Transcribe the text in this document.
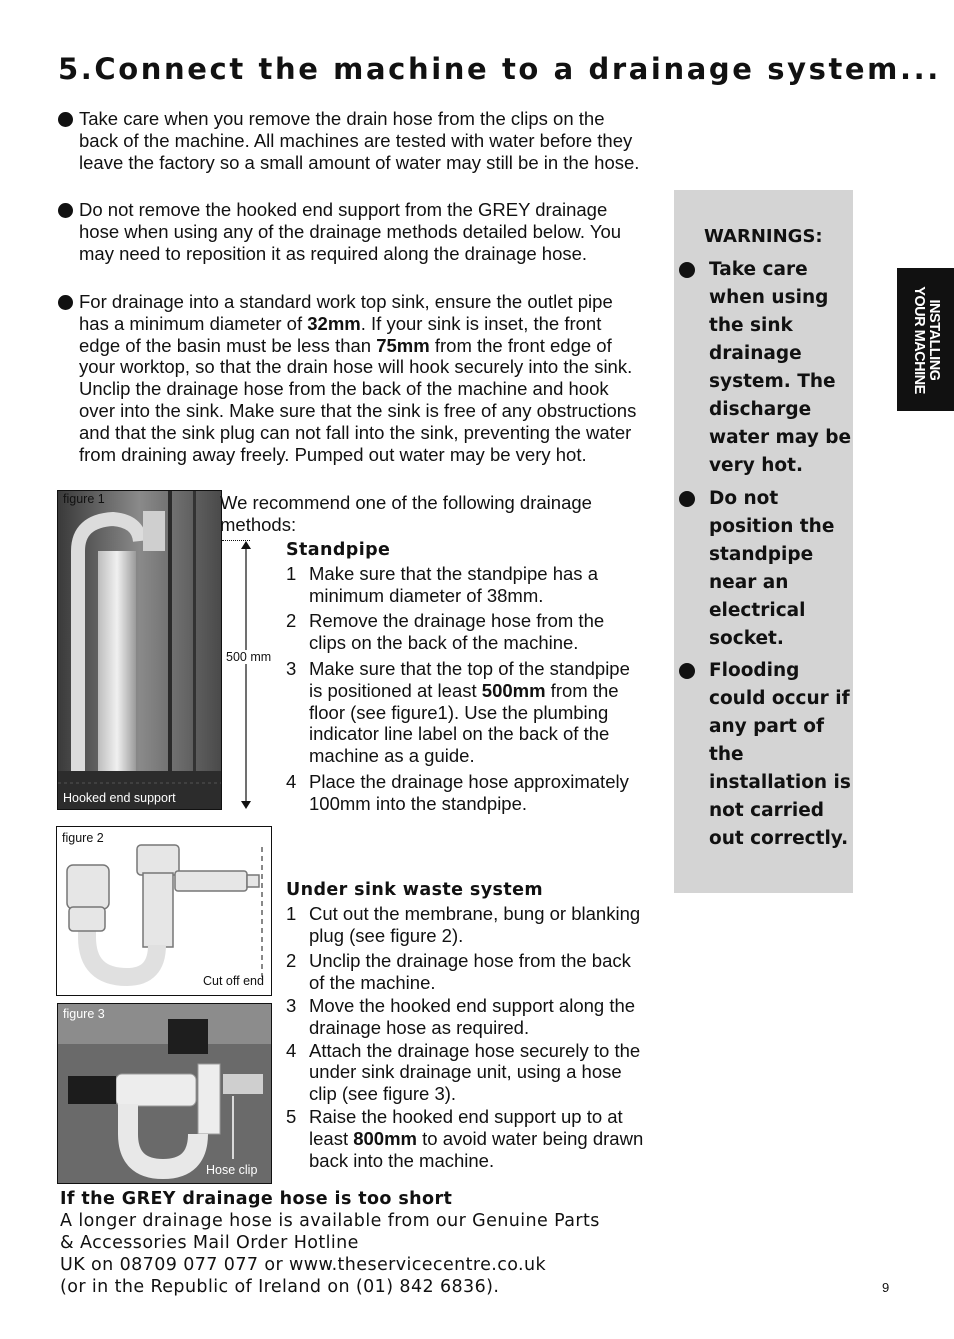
5.Connect the machine to a drainage system...
Take care when you remove the drain hose from the clips on the back of the machine. All machines are tested with water before they leave the factory so a small amount of water may still be in the hose.
Do not remove the hooked end support from the GREY drainage hose when using any of the drainage methods detailed below. You may need to reposition it as required along the drainage hose.
For drainage into a standard work top sink, ensure the outlet pipe has a minimum diameter of 32mm. If your sink is inset, the front edge of the basin must be less than 75mm from the front edge of your worktop, so that the drain hose will hook securely into the sink. Unclip the drainage hose from the back of the machine and hook over into the sink. Make sure that the sink is free of any obstructions and that the sink plug can not fall into the sink, preventing the water from draining away freely. Pumped out water may be very hot.
figure 1
Hooked end support
500 mm
We recommend one of the following drainage methods:
Standpipe
1 Make sure that the standpipe has a minimum diameter of 38mm.
2 Remove the drainage hose from the clips on the back of the machine.
3 Make sure that the top of the standpipe is positioned at least 500mm from the floor (see figure1). Use the plumbing indicator line label on the back of the machine as a guide.
4 Place the drainage hose approximately 100mm into the standpipe.
figure 2
Cut off end
figure 3
Hose clip
Under sink waste system
1 Cut out the membrane, bung or blanking plug (see figure 2).
2 Unclip the drainage hose from the back of the machine.
3 Move the hooked end support along the drainage hose as required.
4 Attach the drainage hose securely to the under sink drainage unit, using a hose clip (see figure 3).
5 Raise the hooked end support up to at least 800mm to avoid water being drawn back into the machine.
WARNINGS:
Take care when using the sink drainage system. The discharge water may be very hot.
Do not position the standpipe near an electrical socket.
Flooding could occur if any part of the installation is not carried out correctly.
INSTALLING
YOUR MACHINE
If the GREY drainage hose is too short
A longer drainage hose is available from our Genuine Parts
& Accessories Mail Order Hotline
UK on 08709 077 077 or www.theservicecentre.co.uk
(or in the Republic of Ireland on (01) 842 6836).	9
